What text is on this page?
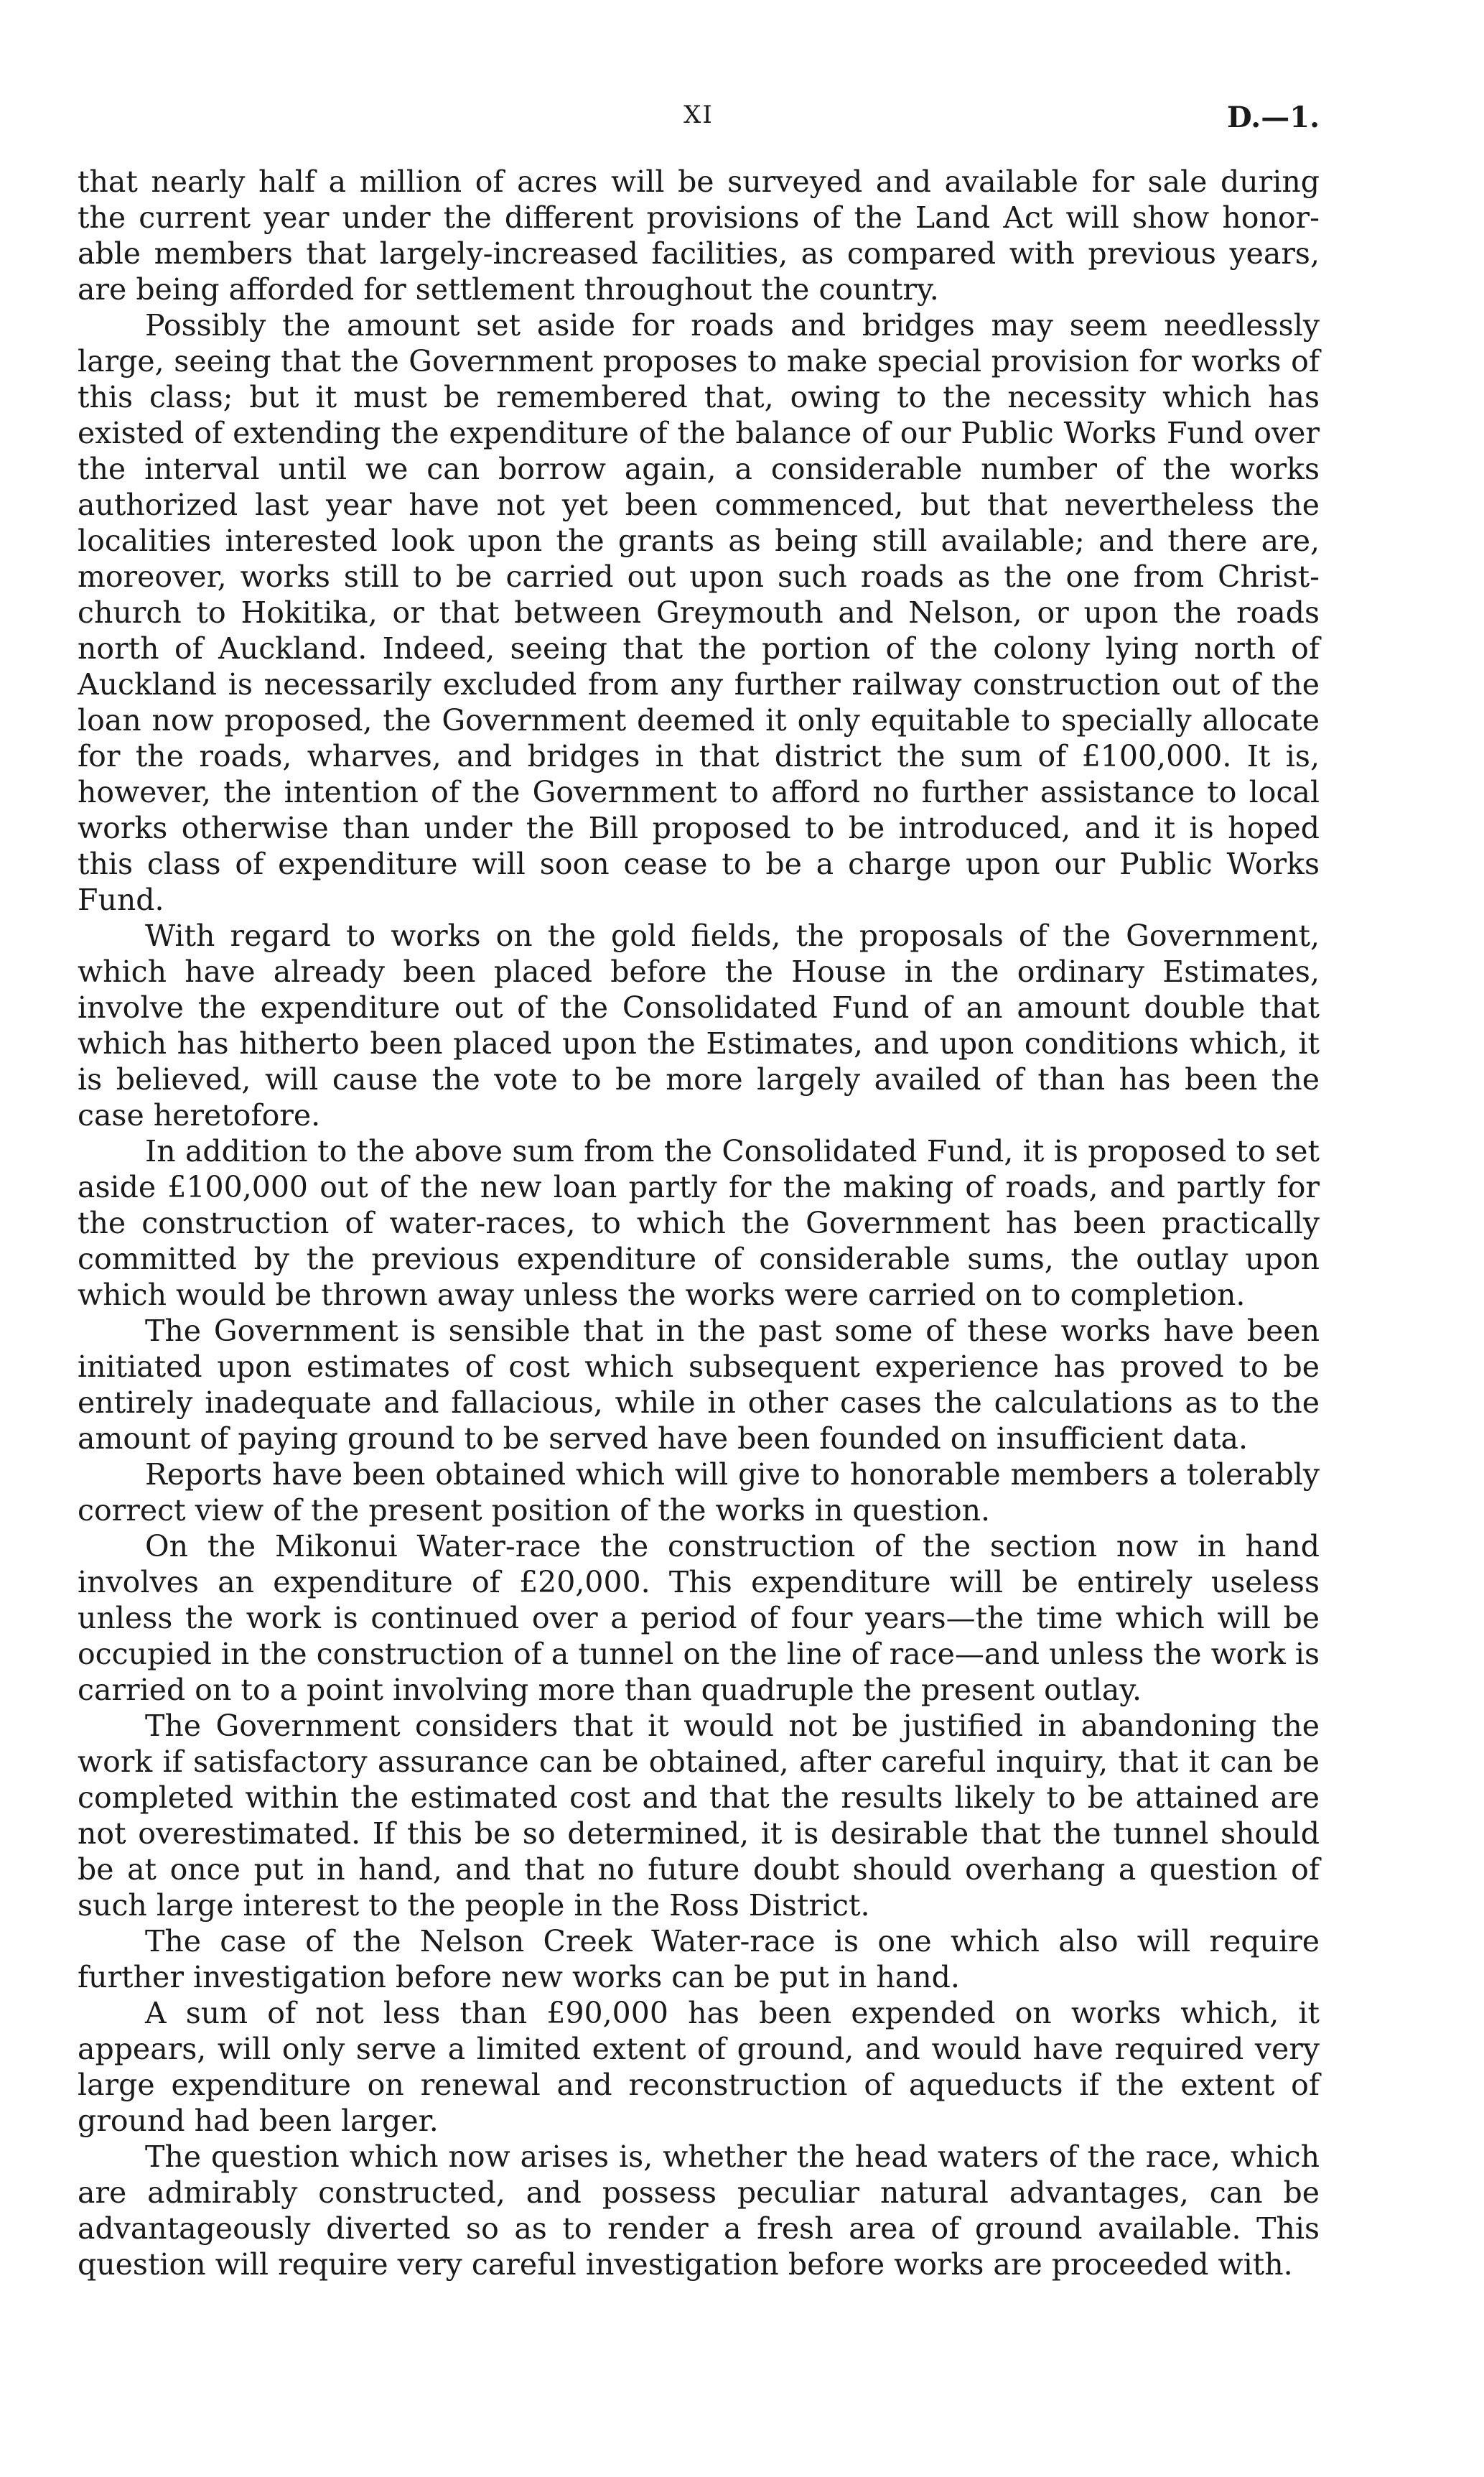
XI	D.—1.

that nearly half a million of acres will be surveyed and available for sale during the current year under the different provisions of the Land Act will show honorable members that largely-increased facilities, as compared with previous years, are being afforded for settlement throughout the country.

Possibly the amount set aside for roads and bridges may seem needlessly large, seeing that the Government proposes to make special provision for works of this class; but it must be remembered that, owing to the necessity which has existed of extending the expenditure of the balance of our Public Works Fund over the interval until we can borrow again, a considerable number of the works authorized last year have not yet been commenced, but that nevertheless the localities interested look upon the grants as being still available; and there are, moreover, works still to be carried out upon such roads as the one from Christchurch to Hokitika, or that between Greymouth and Nelson, or upon the roads north of Auckland. Indeed, seeing that the portion of the colony lying north of Auckland is necessarily excluded from any further railway construction out of the loan now proposed, the Government deemed it only equitable to specially allocate for the roads, wharves, and bridges in that district the sum of £100,000. It is, however, the intention of the Government to afford no further assistance to local works otherwise than under the Bill proposed to be introduced, and it is hoped this class of expenditure will soon cease to be a charge upon our Public Works Fund.

With regard to works on the gold fields, the proposals of the Government, which have already been placed before the House in the ordinary Estimates, involve the expenditure out of the Consolidated Fund of an amount double that which has hitherto been placed upon the Estimates, and upon conditions which, it is believed, will cause the vote to be more largely availed of than has been the case heretofore.

In addition to the above sum from the Consolidated Fund, it is proposed to set aside £100,000 out of the new loan partly for the making of roads, and partly for the construction of water-races, to which the Government has been practically committed by the previous expenditure of considerable sums, the outlay upon which would be thrown away unless the works were carried on to completion.

The Government is sensible that in the past some of these works have been initiated upon estimates of cost which subsequent experience has proved to be entirely inadequate and fallacious, while in other cases the calculations as to the amount of paying ground to be served have been founded on insufficient data.

Reports have been obtained which will give to honorable members a tolerably correct view of the present position of the works in question.

On the Mikonui Water-race the construction of the section now in hand involves an expenditure of £20,000. This expenditure will be entirely useless unless the work is continued over a period of four years—the time which will be occupied in the construction of a tunnel on the line of race—and unless the work is carried on to a point involving more than quadruple the present outlay.

The Government considers that it would not be justified in abandoning the work if satisfactory assurance can be obtained, after careful inquiry, that it can be completed within the estimated cost and that the results likely to be attained are not overestimated. If this be so determined, it is desirable that the tunnel should be at once put in hand, and that no future doubt should overhang a question of such large interest to the people in the Ross District.

The case of the Nelson Creek Water-race is one which also will require further investigation before new works can be put in hand.

A sum of not less than £90,000 has been expended on works which, it appears, will only serve a limited extent of ground, and would have required very large expenditure on renewal and reconstruction of aqueducts if the extent of ground had been larger.

The question which now arises is, whether the head waters of the race, which are admirably constructed, and possess peculiar natural advantages, can be advantageously diverted so as to render a fresh area of ground available. This question will require very careful investigation before works are proceeded with.
